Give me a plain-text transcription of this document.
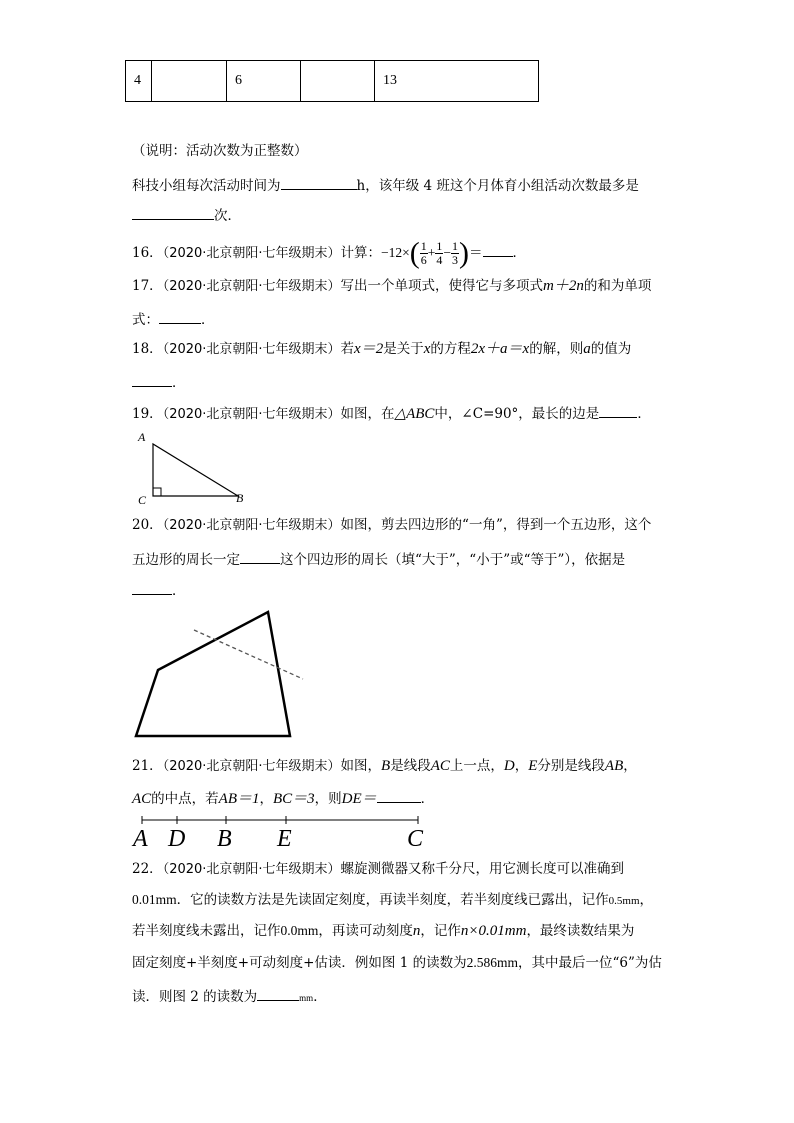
4		6		13
（说明：活动次数为正整数）
科技小组每次活动时间为	h，该年级 4 班这个月体育小组活动次数最多是
次．
16．（2020·北京朝阳·七年级期末）计算：$-12\times( \frac{1}{6} + \frac{1}{4} - \frac{1}{3}$ )＝ ．
17．（2020·北京朝阳·七年级期末）写出一个单项式，使得它与多项式m＋2n的和为单项
式：	．
18．（2020·北京朝阳·七年级期末）若x＝2是关于x的方程2x＋a＝x的解，则a的值为
．
19．（2020·北京朝阳·七年级期末）如图，在△ABC中，∠C=90°，最长的边是	．
A
C	B
20．（2020·北京朝阳·七年级期末）如图，剪去四边形的“一角”，得到一个五边形，这个
五边形的周长一定	这个四边形的周长（填“大于”，“小于”或“等于”），依据是
．
21．（2020·北京朝阳·七年级期末）如图，B是线段AC上一点，D，E分别是线段AB，
AC的中点，若AB＝1，BC＝3，则DE＝	．
A D B E	C
22．（2020·北京朝阳·七年级期末）螺旋测微器又称千分尺，用它测长度可以准确到
0.01mm．它的读数方法是先读固定刻度，再读半刻度，若半刻度线已露出，记作0.5mm，
若半刻度线未露出，记作0.0mm，再读可动刻度n，记作n×0.01mm，最终读数结果为
固定刻度+半刻度+可动刻度+估读．例如图 1 的读数为2.586mm，其中最后一位“6”为估
读．则图 2 的读数为	mm．
